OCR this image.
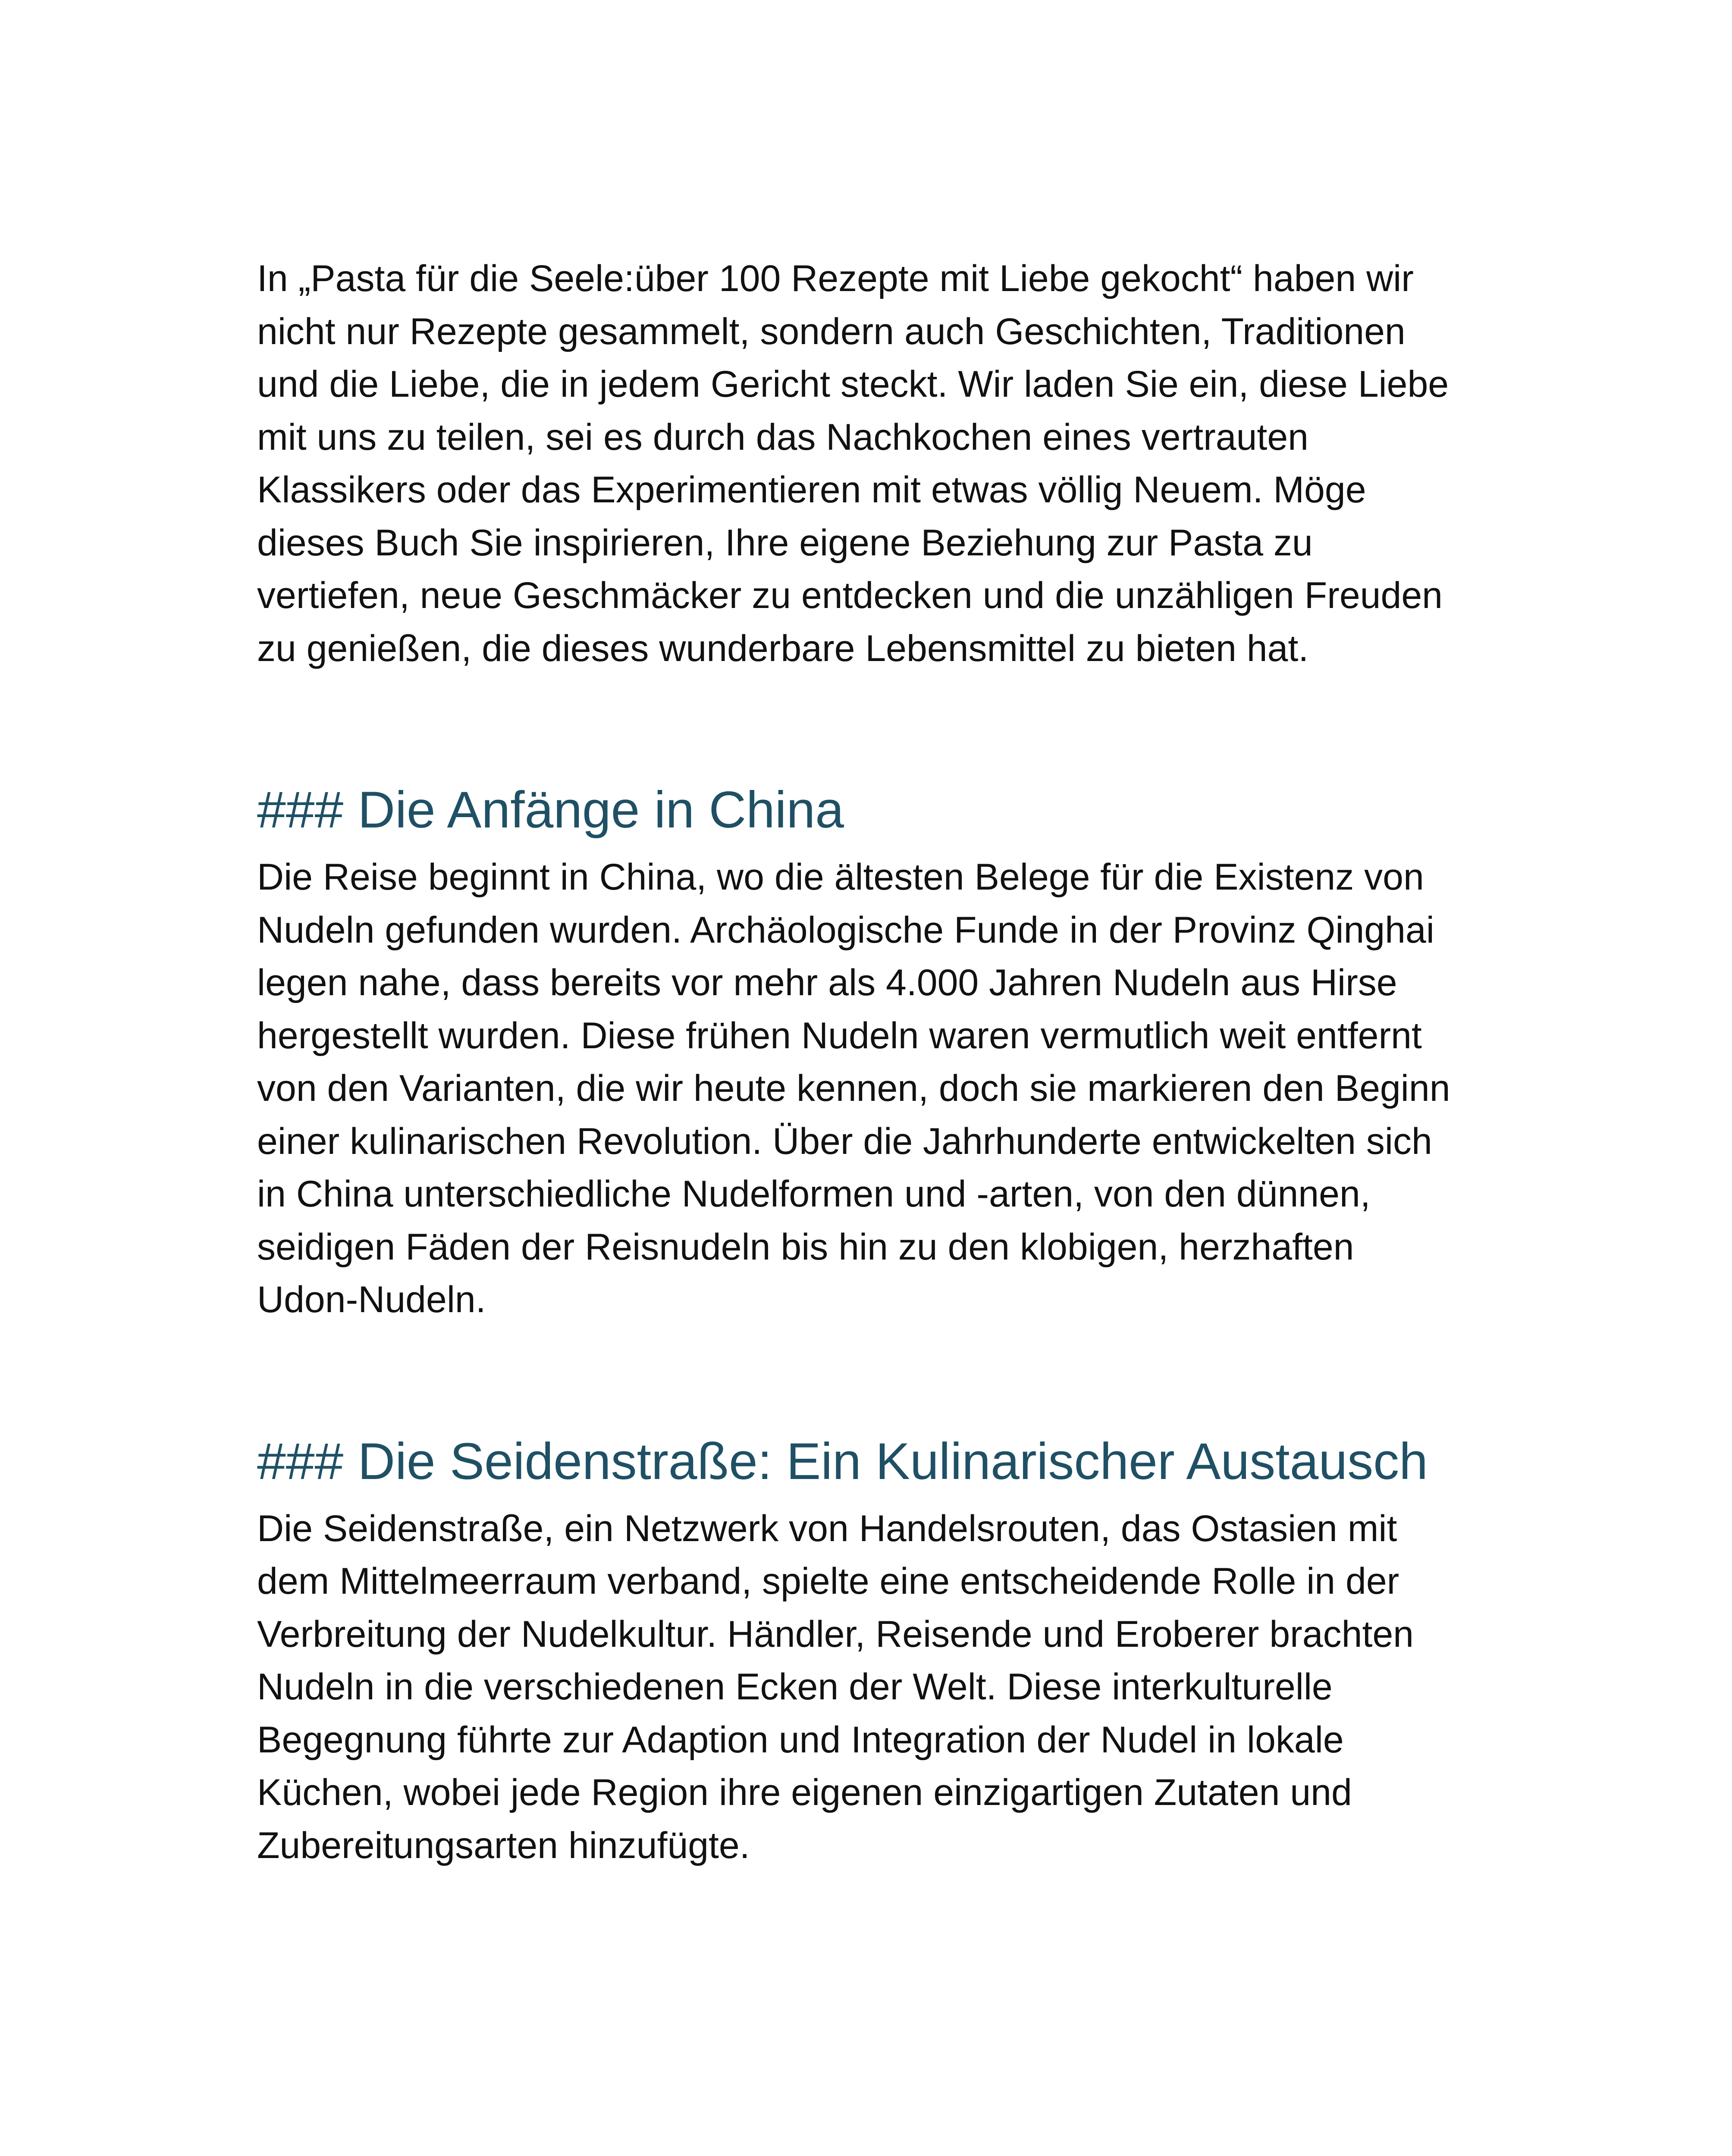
In „Pasta für die Seele:über 100 Rezepte mit Liebe gekocht“ haben wir
nicht nur Rezepte gesammelt, sondern auch Geschichten, Traditionen
und die Liebe, die in jedem Gericht steckt. Wir laden Sie ein, diese Liebe
mit uns zu teilen, sei es durch das Nachkochen eines vertrauten
Klassikers oder das Experimentieren mit etwas völlig Neuem. Möge
dieses Buch Sie inspirieren, Ihre eigene Beziehung zur Pasta zu
vertiefen, neue Geschmäcker zu entdecken und die unzähligen Freuden
zu genießen, die dieses wunderbare Lebensmittel zu bieten hat.

### Die Anfänge in China

Die Reise beginnt in China, wo die ältesten Belege für die Existenz von
Nudeln gefunden wurden. Archäologische Funde in der Provinz Qinghai
legen nahe, dass bereits vor mehr als 4.000 Jahren Nudeln aus Hirse
hergestellt wurden. Diese frühen Nudeln waren vermutlich weit entfernt
von den Varianten, die wir heute kennen, doch sie markieren den Beginn
einer kulinarischen Revolution. Über die Jahrhunderte entwickelten sich
in China unterschiedliche Nudelformen und -arten, von den dünnen,
seidigen Fäden der Reisnudeln bis hin zu den klobigen, herzhaften
Udon-Nudeln.

### Die Seidenstraße: Ein Kulinarischer Austausch

Die Seidenstraße, ein Netzwerk von Handelsrouten, das Ostasien mit
dem Mittelmeerraum verband, spielte eine entscheidende Rolle in der
Verbreitung der Nudelkultur. Händler, Reisende und Eroberer brachten
Nudeln in die verschiedenen Ecken der Welt. Diese interkulturelle
Begegnung führte zur Adaption und Integration der Nudel in lokale
Küchen, wobei jede Region ihre eigenen einzigartigen Zutaten und
Zubereitungsarten hinzufügte.
